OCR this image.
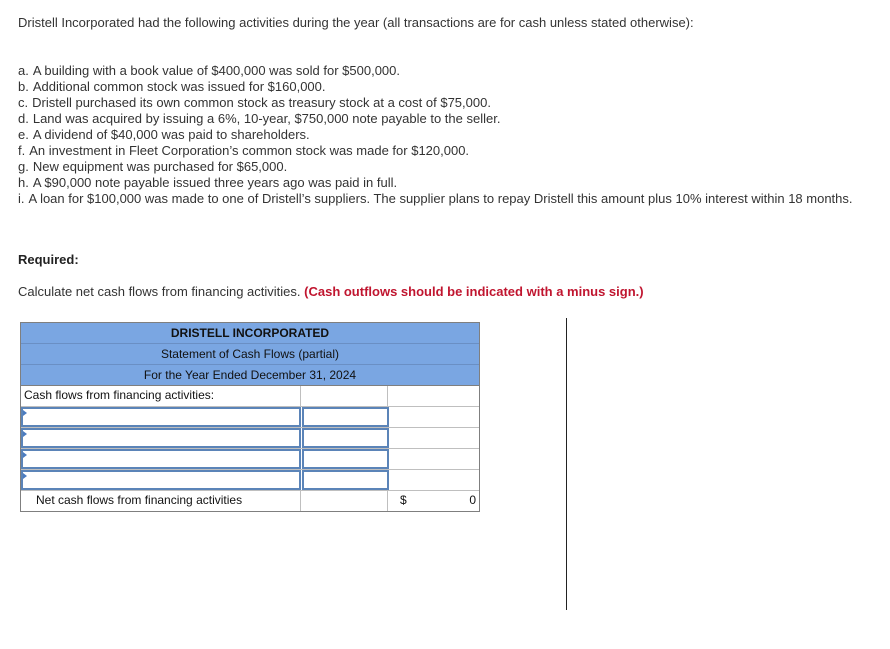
Dristell Incorporated had the following activities during the year (all transactions are for cash unless stated otherwise):
a. A building with a book value of $400,000 was sold for $500,000.
b. Additional common stock was issued for $160,000.
c. Dristell purchased its own common stock as treasury stock at a cost of $75,000.
d. Land was acquired by issuing a 6%, 10-year, $750,000 note payable to the seller.
e. A dividend of $40,000 was paid to shareholders.
f. An investment in Fleet Corporation’s common stock was made for $120,000.
g. New equipment was purchased for $65,000.
h. A $90,000 note payable issued three years ago was paid in full.
i. A loan for $100,000 was made to one of Dristell’s suppliers. The supplier plans to repay Dristell this amount plus 10% interest within 18 months.
Required:
Calculate net cash flows from financing activities. (Cash outflows should be indicated with a minus sign.)
DRISTELL INCORPORATED
Statement of Cash Flows (partial)
For the Year Ended December 31, 2024
Cash flows from financing activities:
Net cash flows from financing activities	$	0
